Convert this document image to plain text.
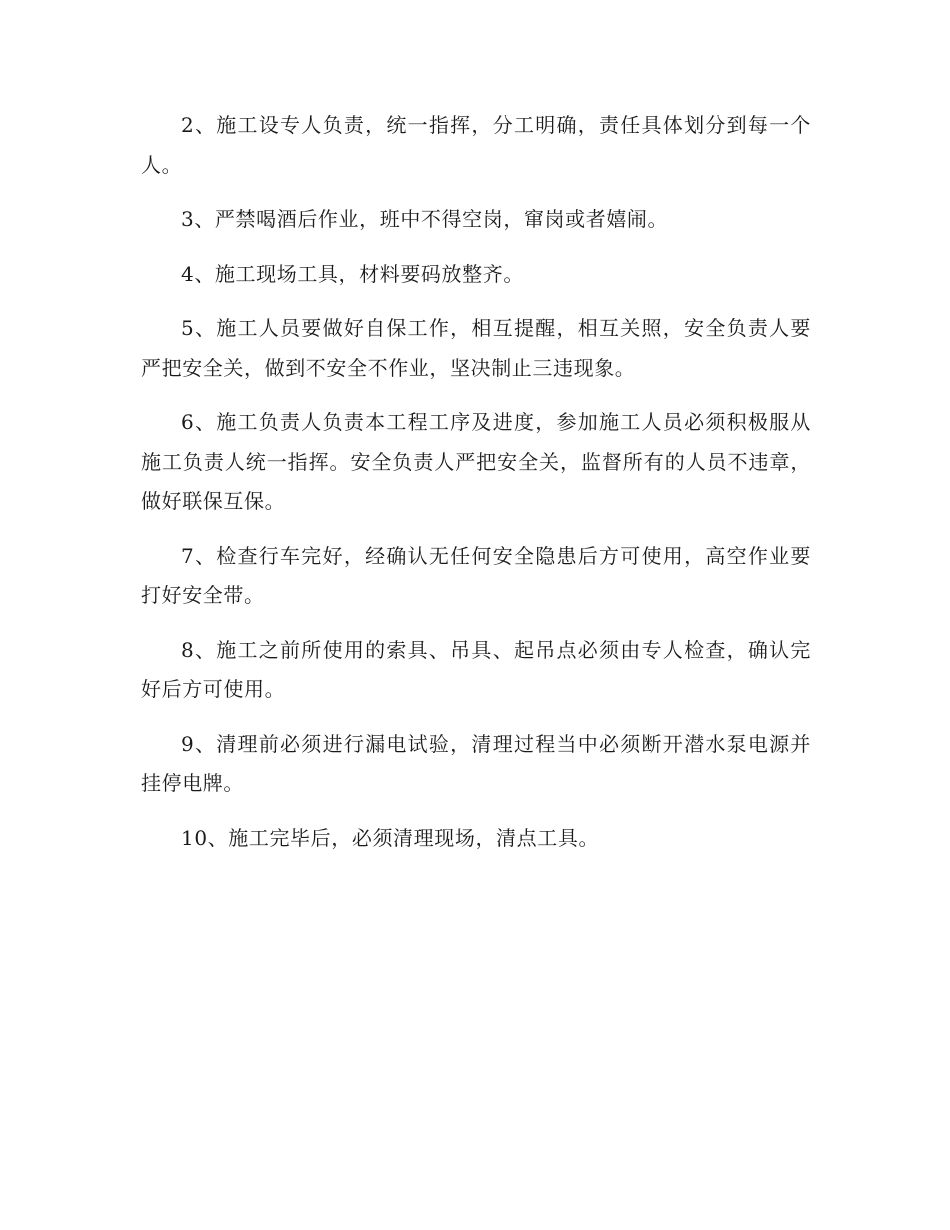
2、施工设专人负责，统一指挥，分工明确，责任具体划分到每一个人。

3、严禁喝酒后作业，班中不得空岗，窜岗或者嬉闹。

4、施工现场工具，材料要码放整齐。

5、施工人员要做好自保工作，相互提醒，相互关照，安全负责人要严把安全关，做到不安全不作业，坚决制止三违现象。

6、施工负责人负责本工程工序及进度，参加施工人员必须积极服从施工负责人统一指挥。安全负责人严把安全关，监督所有的人员不违章，做好联保互保。

7、检查行车完好，经确认无任何安全隐患后方可使用，高空作业要打好安全带。

8、施工之前所使用的索具、吊具、起吊点必须由专人检查，确认完好后方可使用。

9、清理前必须进行漏电试验，清理过程当中必须断开潜水泵电源并挂停电牌。

10、施工完毕后，必须清理现场，清点工具。
